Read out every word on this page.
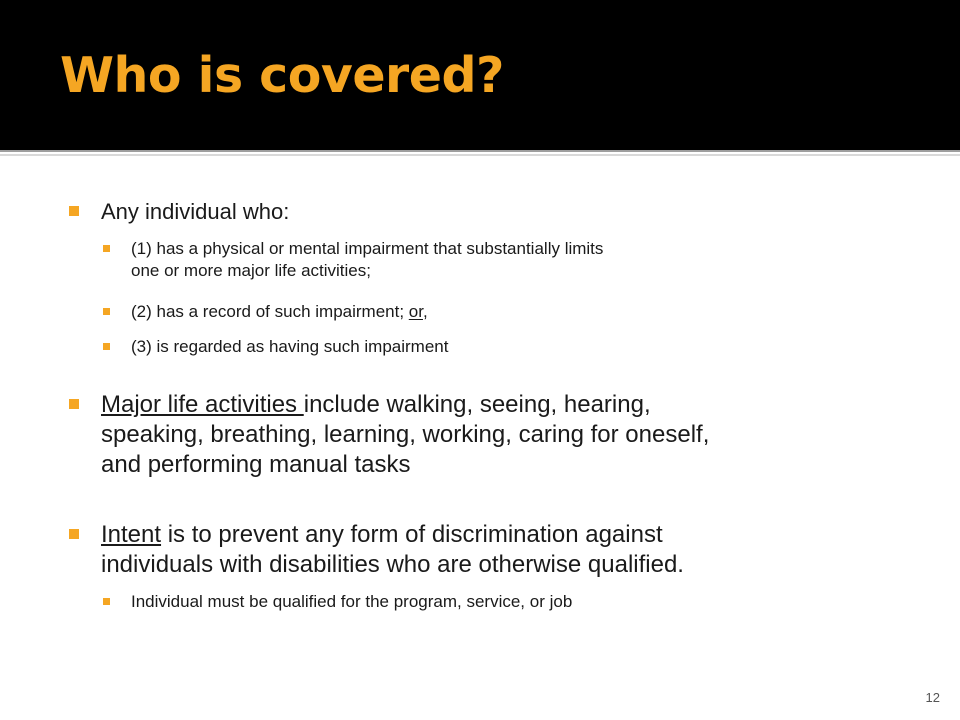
Who is covered?
Any individual who:
(1) has a physical or mental impairment that substantially limits
one or more major life activities;
(2) has a record of such impairment; or,
(3) is regarded as having such impairment
Major life activities include walking, seeing, hearing,
speaking, breathing, learning, working, caring for oneself,
and performing manual tasks
Intent is to prevent any form of discrimination against
individuals with disabilities who are otherwise qualified.
Individual must be qualified for the program, service, or job
12
